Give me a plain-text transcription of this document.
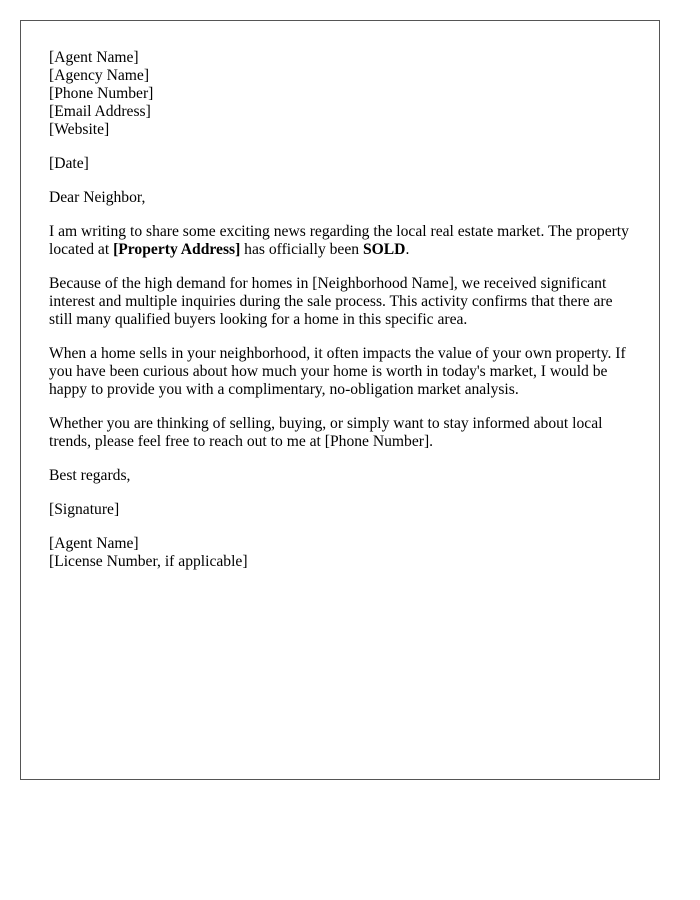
[Agent Name]
[Agency Name]
[Phone Number]
[Email Address]
[Website]

[Date]

Dear Neighbor,

I am writing to share some exciting news regarding the local real estate market. The property located at [Property Address] has officially been SOLD.

Because of the high demand for homes in [Neighborhood Name], we received significant interest and multiple inquiries during the sale process. This activity confirms that there are still many qualified buyers looking for a home in this specific area.

When a home sells in your neighborhood, it often impacts the value of your own property. If you have been curious about how much your home is worth in today's market, I would be happy to provide you with a complimentary, no-obligation market analysis.

Whether you are thinking of selling, buying, or simply want to stay informed about local trends, please feel free to reach out to me at [Phone Number].

Best regards,

[Signature]

[Agent Name]
[License Number, if applicable]
